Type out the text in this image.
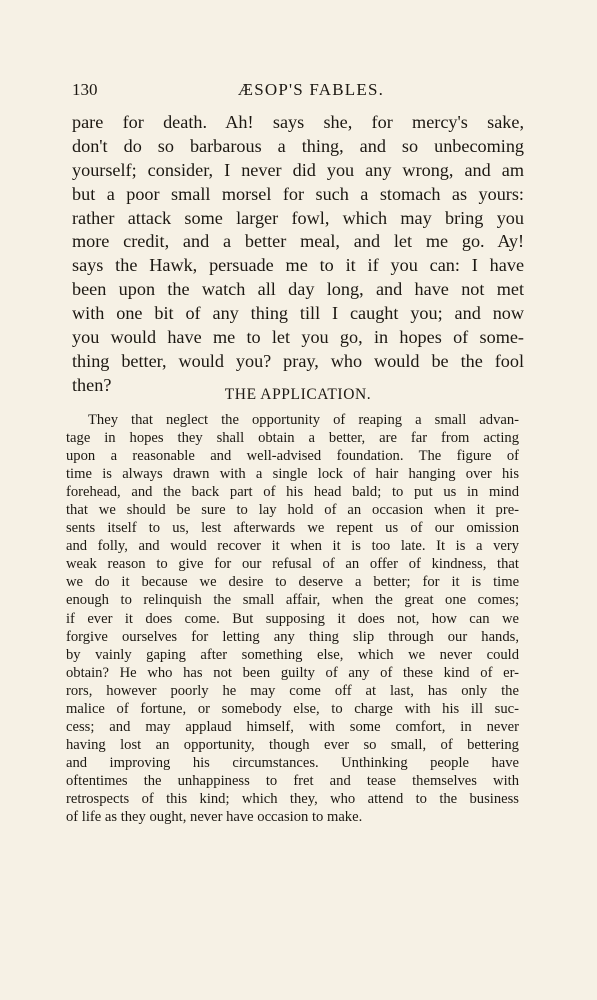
130	ÆSOP'S FABLES.
pare for death. Ah! says she, for mercy's sake,
don't do so barbarous a thing, and so unbecoming
yourself; consider, I never did you any wrong, and am
but a poor small morsel for such a stomach as yours:
rather attack some larger fowl, which may bring you
more credit, and a better meal, and let me go. Ay!
says the Hawk, persuade me to it if you can: I have
been upon the watch all day long, and have not met
with one bit of any thing till I caught you; and now
you would have me to let you go, in hopes of some-
thing better, would you? pray, who would be the fool
then?	THE APPLICATION.
They that neglect the opportunity of reaping a small advan-
tage in hopes they shall obtain a better, are far from acting
upon a reasonable and well-advised foundation. The figure of
time is always drawn with a single lock of hair hanging over his
forehead, and the back part of his head bald; to put us in mind
that we should be sure to lay hold of an occasion when it pre-
sents itself to us, lest afterwards we repent us of our omission
and folly, and would recover it when it is too late. It is a very
weak reason to give for our refusal of an offer of kindness, that
we do it because we desire to deserve a better; for it is time
enough to relinquish the small affair, when the great one comes;
if ever it does come. But supposing it does not, how can we
forgive ourselves for letting any thing slip through our hands,
by vainly gaping after something else, which we never could
obtain? He who has not been guilty of any of these kind of er-
rors, however poorly he may come off at last, has only the
malice of fortune, or somebody else, to charge with his ill suc-
cess; and may applaud himself, with some comfort, in never
having lost an opportunity, though ever so small, of bettering
and improving his circumstances. Unthinking people have
oftentimes the unhappiness to fret and tease themselves with
retrospects of this kind; which they, who attend to the business
of life as they ought, never have occasion to make.
